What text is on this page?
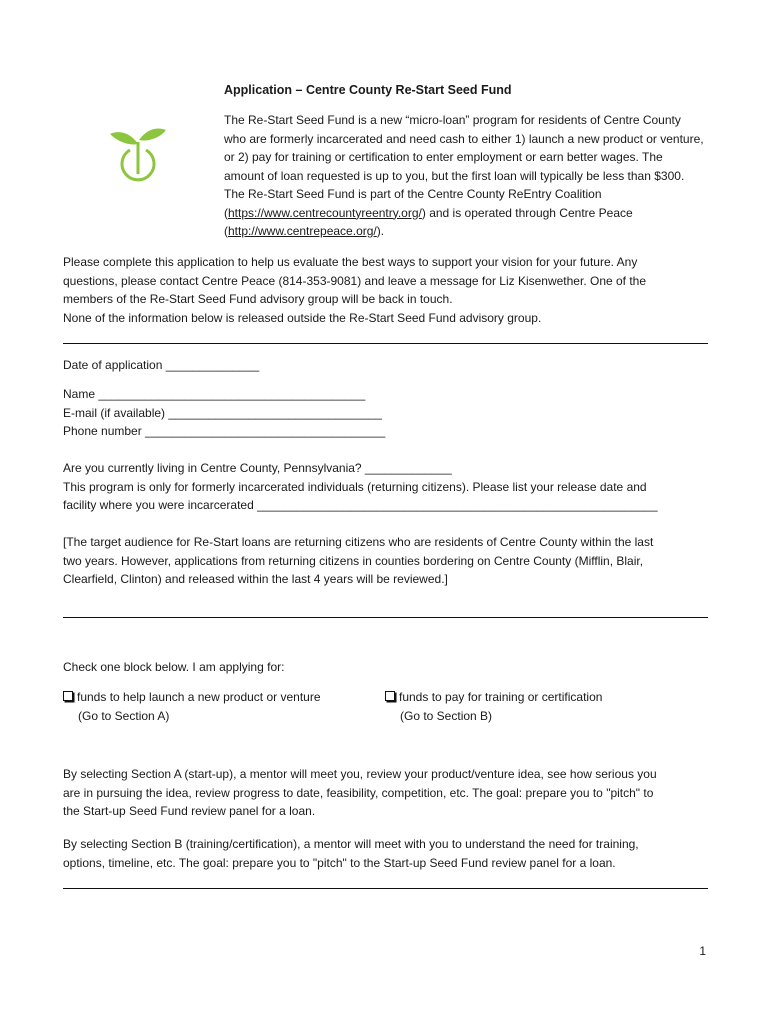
Application – Centre County Re-Start Seed Fund
The Re-Start Seed Fund is a new “micro-loan” program for residents of Centre County who are formerly incarcerated and need cash to either 1) launch a new product or venture, or 2) pay for training or certification to enter employment or earn better wages. The amount of loan requested is up to you, but the first loan will typically be less than $300. The Re-Start Seed Fund is part of the Centre County ReEntry Coalition (https://www.centrecountyreentry.org/) and is operated through Centre Peace (http://www.centrepeace.org/).
Please complete this application to help us evaluate the best ways to support your vision for your future. Any
questions, please contact Centre Peace (814-353-9081) and leave a message for Liz Kisenwether. One of the
members of the Re-Start Seed Fund advisory group will be back in touch.
None of the information below is released outside the Re-Start Seed Fund advisory group.
Date of application ______________
Name ________________________________________
E-mail (if available) ________________________________
Phone number ____________________________________
Are you currently living in Centre County, Pennsylvania? _____________
This program is only for formerly incarcerated individuals (returning citizens). Please list your release date and
facility where you were incarcerated ____________________________________________________________
[The target audience for Re-Start loans are returning citizens who are residents of Centre County within the last
two years. However, applications from returning citizens in counties bordering on Centre County (Mifflin, Blair,
Clearfield, Clinton) and released within the last 4 years will be reviewed.]
Check one block below. I am applying for:
funds to help launch a new product or venture
(Go to Section A)
funds to pay for training or certification
(Go to Section B)
By selecting Section A (start-up), a mentor will meet you, review your product/venture idea, see how serious you
are in pursuing the idea, review progress to date, feasibility, competition, etc. The goal: prepare you to "pitch" to
the Start-up Seed Fund review panel for a loan.
By selecting Section B (training/certification), a mentor will meet with you to understand the need for training,
options, timeline, etc. The goal: prepare you to "pitch" to the Start-up Seed Fund review panel for a loan.
1
